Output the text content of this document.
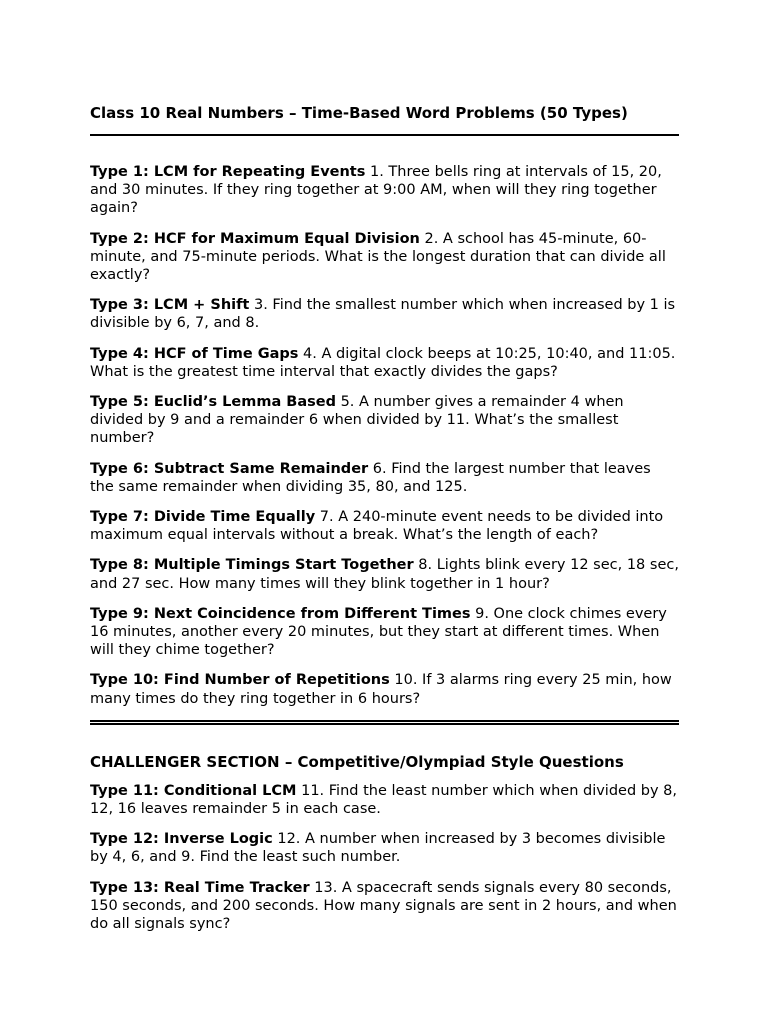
Class 10 Real Numbers – Time-Based Word Problems (50 Types)

Type 1: LCM for Repeating Events 1. Three bells ring at intervals of 15, 20, and 30 minutes. If they ring together at 9:00 AM, when will they ring together again?

Type 2: HCF for Maximum Equal Division 2. A school has 45-minute, 60-minute, and 75-minute periods. What is the longest duration that can divide all exactly?

Type 3: LCM + Shift 3. Find the smallest number which when increased by 1 is divisible by 6, 7, and 8.

Type 4: HCF of Time Gaps 4. A digital clock beeps at 10:25, 10:40, and 11:05. What is the greatest time interval that exactly divides the gaps?

Type 5: Euclid’s Lemma Based 5. A number gives a remainder 4 when divided by 9 and a remainder 6 when divided by 11. What’s the smallest number?

Type 6: Subtract Same Remainder 6. Find the largest number that leaves the same remainder when dividing 35, 80, and 125.

Type 7: Divide Time Equally 7. A 240-minute event needs to be divided into maximum equal intervals without a break. What’s the length of each?

Type 8: Multiple Timings Start Together 8. Lights blink every 12 sec, 18 sec, and 27 sec. How many times will they blink together in 1 hour?

Type 9: Next Coincidence from Different Times 9. One clock chimes every 16 minutes, another every 20 minutes, but they start at different times. When will they chime together?

Type 10: Find Number of Repetitions 10. If 3 alarms ring every 25 min, how many times do they ring together in 6 hours?

CHALLENGER SECTION – Competitive/Olympiad Style Questions

Type 11: Conditional LCM 11. Find the least number which when divided by 8, 12, 16 leaves remainder 5 in each case.

Type 12: Inverse Logic 12. A number when increased by 3 becomes divisible by 4, 6, and 9. Find the least such number.

Type 13: Real Time Tracker 13. A spacecraft sends signals every 80 seconds, 150 seconds, and 200 seconds. How many signals are sent in 2 hours, and when do all signals sync?
